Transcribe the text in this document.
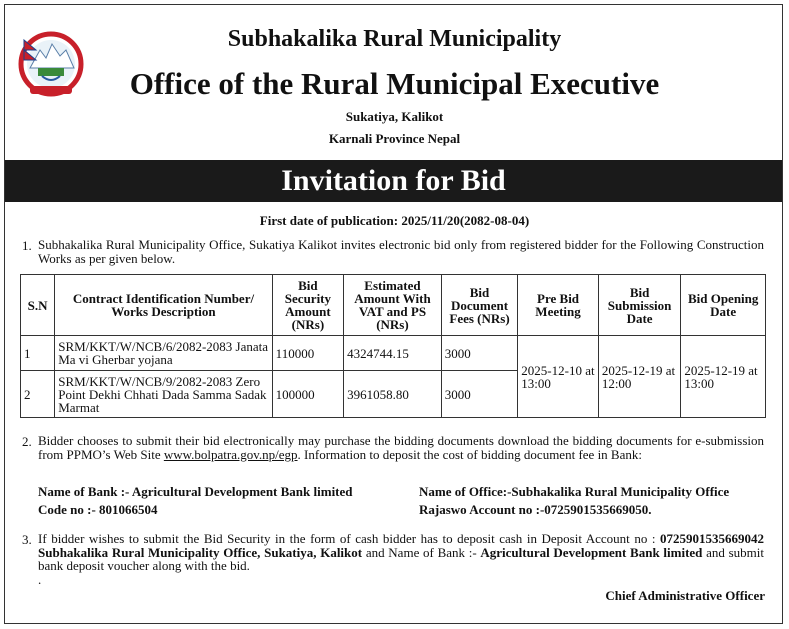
Subhakalika Rural Municipality
Office of the Rural Municipal Executive
Sukatiya, Kalikot
Karnali Province Nepal
Invitation for Bid
First date of publication: 2025/11/20(2082-08-04)
1. Subhakalika Rural Municipality Office, Sukatiya Kalikot invites electronic bid only from registered bidder for the Following Construction Works as per given below.
S.N	Contract Identification Number/ Works Description	Bid Security Amount (NRs)	Estimated Amount With VAT and PS (NRs)	Bid Document Fees (NRs)	Pre Bid Meeting	Bid Submission Date	Bid Opening Date
1	SRM/KKT/W/NCB/6/2082-2083 Janata Ma vi Gherbar yojana	110000	4324744.15	3000	2025-12-10 at 13:00	2025-12-19 at 12:00	2025-12-19 at 13:00
2	SRM/KKT/W/NCB/9/2082-2083 Zero Point Dekhi Chhati Dada Samma Sadak Marmat	100000	3961058.80	3000			
2. Bidder chooses to submit their bid electronically may purchase the bidding documents download the bidding documents for e-submission from PPMO’s Web Site www.bolpatra.gov.np/egp. Information to deposit the cost of bidding document fee in Bank:
Name of Bank :- Agricultural Development Bank limited
Code no :- 801066504
Name of Office:-Subhakalika Rural Municipality Office
Rajaswo Account no :-0725901535669050.
3. If bidder wishes to submit the Bid Security in the form of cash bidder has to deposit cash in Deposit Account no : 0725901535669042 Subhakalika Rural Municipality Office, Sukatiya, Kalikot and Name of Bank :- Agricultural Development Bank limited and submit bank deposit voucher along with the bid.
.
Chief Administrative Officer
